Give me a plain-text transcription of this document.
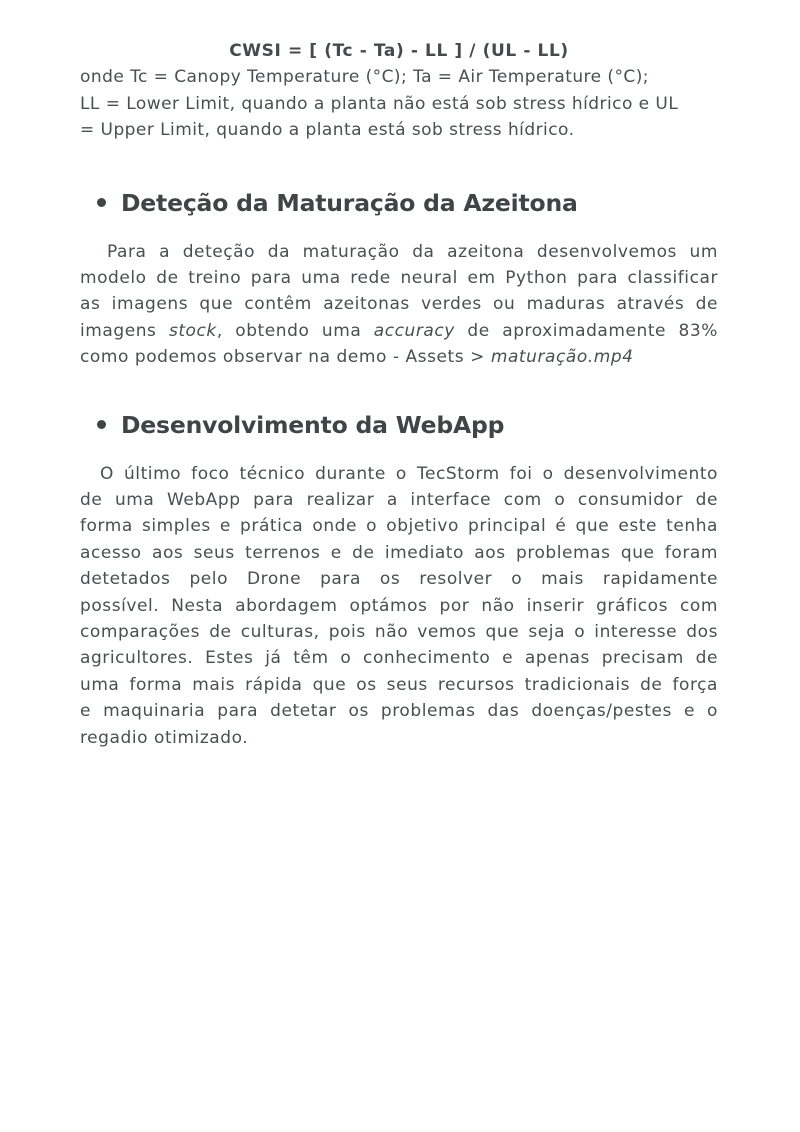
CWSI = [ (Tc - Ta) - LL ] / (UL - LL)

onde Tc = Canopy Temperature (°C); Ta = Air Temperature (°C);
LL = Lower Limit, quando a planta não está sob stress hídrico e UL
= Upper Limit, quando a planta está sob stress hídrico.

Deteção da Maturação da Azeitona

Para a deteção da maturação da azeitona desenvolvemos um
modelo de treino para uma rede neural em Python para classificar
as imagens que contêm azeitonas verdes ou maduras através de
imagens stock, obtendo uma accuracy de aproximadamente 83%
como podemos observar na demo - Assets > maturação.mp4

Desenvolvimento da WebApp

O último foco técnico durante o TecStorm foi o desenvolvimento
de uma WebApp para realizar a interface com o consumidor de
forma simples e prática onde o objetivo principal é que este tenha
acesso aos seus terrenos e de imediato aos problemas que foram
detetados pelo Drone para os resolver o mais rapidamente
possível. Nesta abordagem optámos por não inserir gráficos com
comparações de culturas, pois não vemos que seja o interesse dos
agricultores. Estes já têm o conhecimento e apenas precisam de
uma forma mais rápida que os seus recursos tradicionais de força
e maquinaria para detetar os problemas das doenças/pestes e o
regadio otimizado.
